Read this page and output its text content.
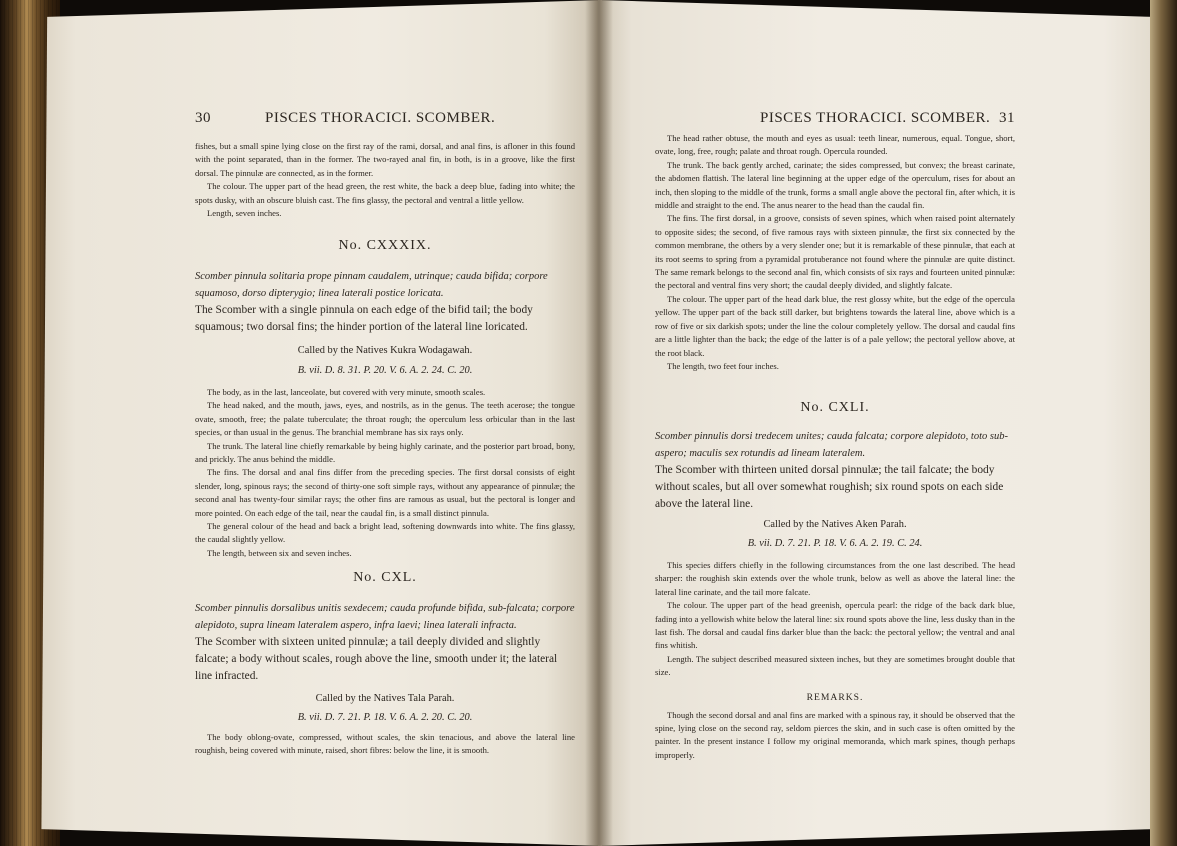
30	PISCES THORACICI. SCOMBER.

fishes, but a small spine lying close on the first ray of the rami, dorsal, and anal fins, is afloner in this found with the point separated, than in the former. The two-rayed anal fin, in both, is in a groove, like the first dorsal. The pinnulæ are connected, as in the former.

The colour. The upper part of the head green, the rest white, the back a deep blue, fading into white; the spots dusky, with an obscure bluish cast. The fins glassy, the pectoral and ventral a little yellow.

Length, seven inches.

No. CXXXIX.

Scomber pinnula solitaria prope pinnam caudalem, utrinque; cauda bifida; corpore squamoso, dorso dipterygio; linea laterali postice loricata.

The Scomber with a single pinnula on each edge of the bifid tail; the body squamous; two dorsal fins; the hinder portion of the lateral line loricated.

Called by the Natives Kukra Wodagawah.

B. vii. D. 8. 31. P. 20. V. 6. A. 2. 24. C. 20.

The body, as in the last, lanceolate, but covered with very minute, smooth scales.

The head naked, and the mouth, jaws, eyes, and nostrils, as in the genus. The teeth acerose; the tongue ovate, smooth, free; the palate tuberculate; the throat rough; the operculum less orbicular than in the last species, or than usual in the genus. The branchial membrane has six rays only.

The trunk. The lateral line chiefly remarkable by being highly carinate, and the posterior part broad, bony, and prickly. The anus behind the middle.

The fins. The dorsal and anal fins differ from the preceding species. The first dorsal consists of eight slender, long, spinous rays; the second of thirty-one soft simple rays, without any appearance of pinnulæ; the second anal has twenty-four similar rays; the other fins are ramous as usual, but the pectoral is longer and more pointed. On each edge of the tail, near the caudal fin, is a small distinct pinnula.

The general colour of the head and back a bright lead, softening downwards into white. The fins glassy, the caudal slightly yellow.

The length, between six and seven inches.

No. CXL.

Scomber pinnulis dorsalibus unitis sexdecem; cauda profunde bifida, sub-falcata; corpore alepidoto, supra lineam lateralem aspero, infra laevi; linea laterali infracta.

The Scomber with sixteen united pinnulæ; a tail deeply divided and slightly falcate; a body without scales, rough above the line, smooth under it; the lateral line infracted.

Called by the Natives Tala Parah.

B. vii. D. 7. 21. P. 18. V. 6. A. 2. 20. C. 20.

The body oblong-ovate, compressed, without scales, the skin tenacious, and above the lateral line roughish, being covered with minute, raised, short fibres: below the line, it is smooth.

PISCES THORACICI. SCOMBER. 31

The head rather obtuse, the mouth and eyes as usual: teeth linear, numerous, equal. Tongue, short, ovate, long, free, rough; palate and throat rough. Opercula rounded.

The trunk. The back gently arched, carinate; the sides compressed, but convex; the breast carinate, the abdomen flattish. The lateral line beginning at the upper edge of the operculum, rises for about an inch, then sloping to the middle of the trunk, forms a small angle above the pectoral fin, after which, it is middle and straight to the end. The anus nearer to the head than the caudal fin.

The fins. The first dorsal, in a groove, consists of seven spines, which when raised point alternately to opposite sides; the second, of five ramous rays with sixteen pinnulæ, the first six connected by the common membrane, the others by a very slender one; but it is remarkable of these pinnulæ, that each at its root seems to spring from a pyramidal protuberance not found where the pinnulæ are quite distinct. The same remark belongs to the second anal fin, which consists of six rays and fourteen united pinnulæ: the pectoral and ventral fins very short; the caudal deeply divided, and slightly falcate.

The colour. The upper part of the head dark blue, the rest glossy white, but the edge of the opercula yellow. The upper part of the back still darker, but brightens towards the lateral line, above which is a row of five or six darkish spots; under the line the colour completely yellow. The dorsal and caudal fins are a little lighter than the back; the edge of the latter is of a pale yellow; the pectoral yellow above, at the root black.

The length, two feet four inches.

No. CXLI.

Scomber pinnulis dorsi tredecem unites; cauda falcata; corpore alepidoto, toto sub-aspero; maculis sex rotundis ad lineam lateralem.

The Scomber with thirteen united dorsal pinnulæ; the tail falcate; the body without scales, but all over somewhat roughish; six round spots on each side above the lateral line.

Called by the Natives Aken Parah.

B. vii. D. 7. 21. P. 18. V. 6. A. 2. 19. C. 24.

This species differs chiefly in the following circumstances from the one last described. The head sharper: the roughish skin extends over the whole trunk, below as well as above the lateral line: the lateral line carinate, and the tail more falcate.

The colour. The upper part of the head greenish, opercula pearl: the ridge of the back dark blue, fading into a yellowish white below the lateral line: six round spots above the line, less dusky than in the last fish. The dorsal and caudal fins darker blue than the back: the pectoral yellow; the ventral and anal fins whitish.

Length. The subject described measured sixteen inches, but they are sometimes brought double that size.

REMARKS.

Though the second dorsal and anal fins are marked with a spinous ray, it should be observed that the spine, lying close on the second ray, seldom pierces the skin, and in such case is often omitted by the painter. In the present instance I follow my original memoranda, which mark spines, though perhaps improperly.
